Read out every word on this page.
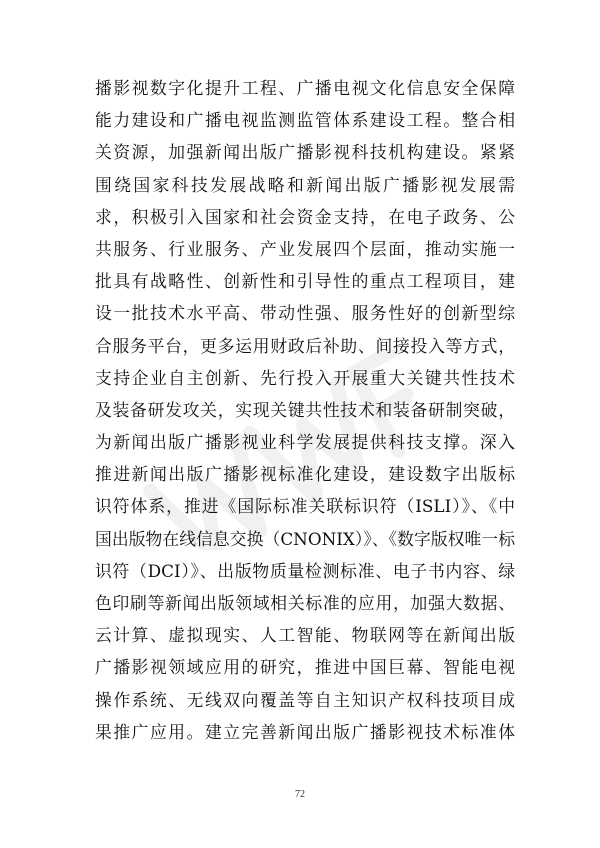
播影视数字化提升工程、广播电视文化信息安全保障
能力建设和广播电视监测监管体系建设工程。整合相
关资源，加强新闻出版广播影视科技机构建设。紧紧
围绕国家科技发展战略和新闻出版广播影视发展需
求，积极引入国家和社会资金支持，在电子政务、公
共服务、行业服务、产业发展四个层面，推动实施一
批具有战略性、创新性和引导性的重点工程项目，建
设一批技术水平高、带动性强、服务性好的创新型综
合服务平台，更多运用财政后补助、间接投入等方式，
支持企业自主创新、先行投入开展重大关键共性技术
及装备研发攻关，实现关键共性技术和装备研制突破，
为新闻出版广播影视业科学发展提供科技支撑。深入
推进新闻出版广播影视标准化建设，建设数字出版标
识符体系，推进《国际标准关联标识符（ISLI）》、《中
国出版物在线信息交换（CNONIX）》、《数字版权唯一标
识符（DCI）》、出版物质量检测标准、电子书内容、绿
色印刷等新闻出版领域相关标准的应用，加强大数据、
云计算、虚拟现实、人工智能、物联网等在新闻出版
广播影视领域应用的研究，推进中国巨幕、智能电视
操作系统、无线双向覆盖等自主知识产权科技项目成
果推广应用。建立完善新闻出版广播影视技术标准体
72
